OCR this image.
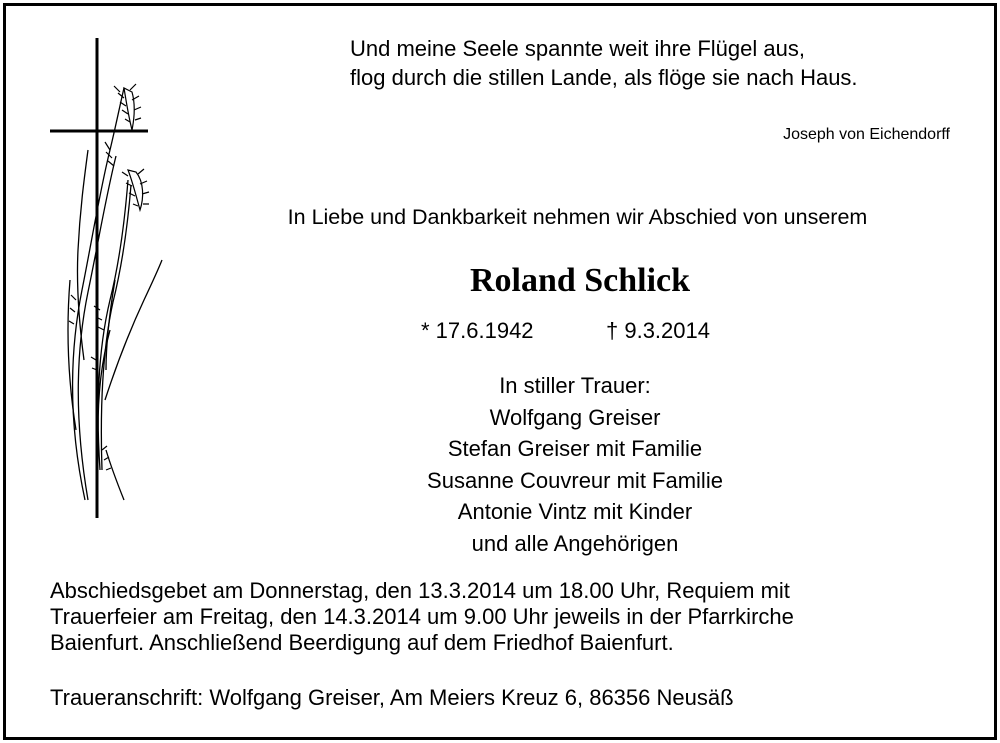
Und meine Seele spannte weit ihre Flügel aus,
flog durch die stillen Lande, als flöge sie nach Haus.
Joseph von Eichendorff
In Liebe und Dankbarkeit nehmen wir Abschied von unserem
Roland Schlick
* 17.6.1942	† 9.3.2014
In stiller Trauer:
Wolfgang Greiser
Stefan Greiser mit Familie
Susanne Couvreur mit Familie
Antonie Vintz mit Kinder
und alle Angehörigen
Abschiedsgebet am Donnerstag, den 13.3.2014 um 18.00 Uhr, Requiem mit
Trauerfeier am Freitag, den 14.3.2014 um 9.00 Uhr jeweils in der Pfarrkirche
Baienfurt. Anschließend Beerdigung auf dem Friedhof Baienfurt.
Traueranschrift: Wolfgang Greiser, Am Meiers Kreuz 6, 86356 Neusäß
